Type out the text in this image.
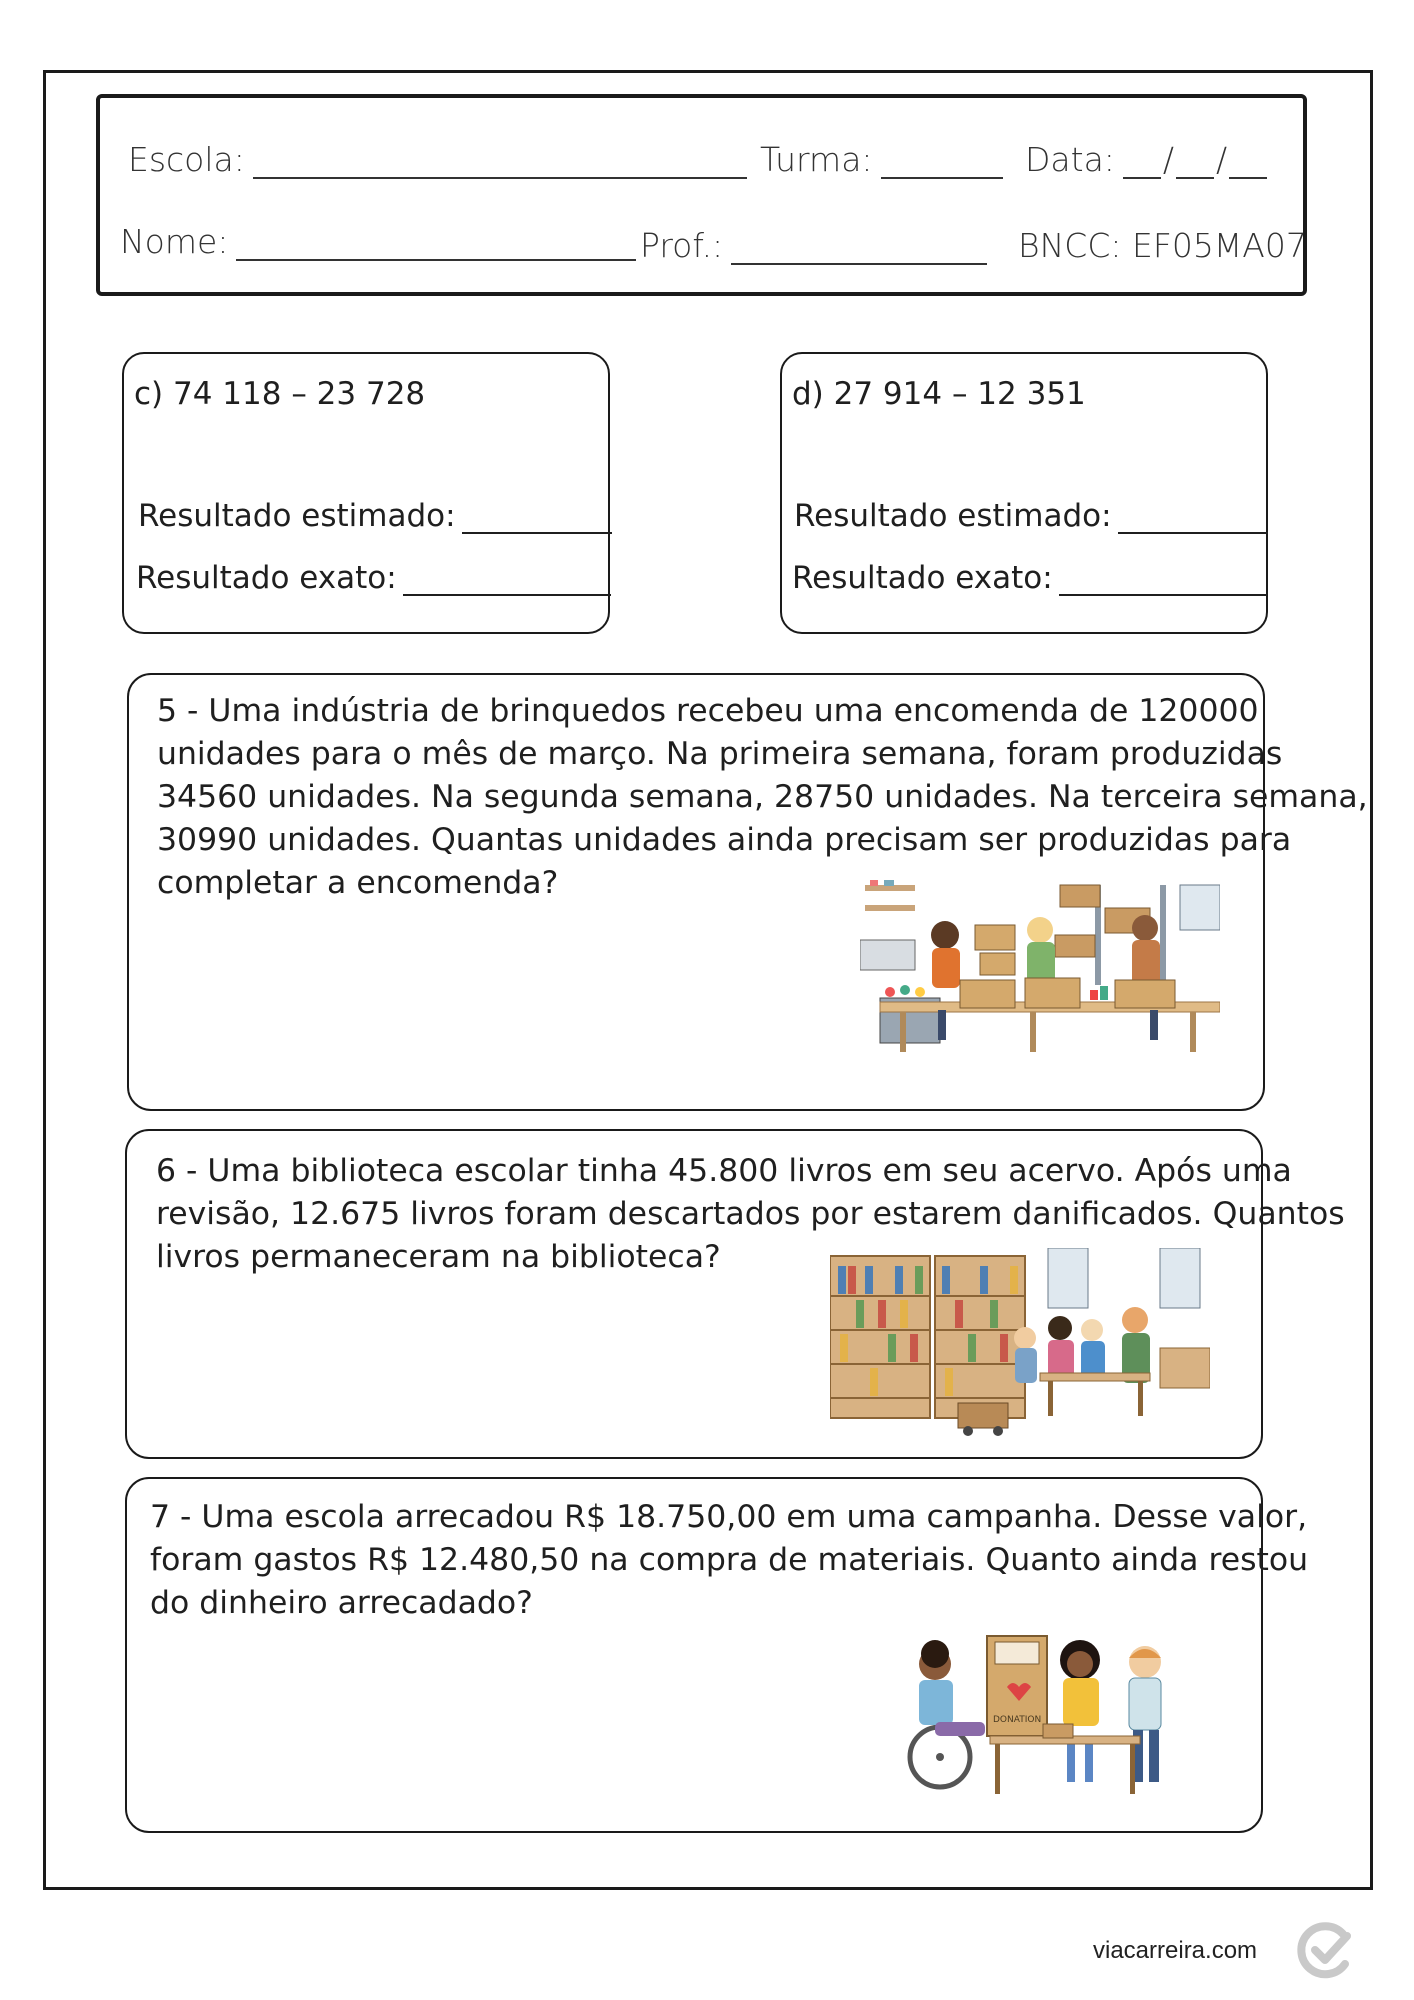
Escola:	Turma:	Data: / /
Nome:	Prof.:	BNCC: EF05MA07
c) 74 118 – 23 728
Resultado estimado:
Resultado exato:
d) 27 914 – 12 351
Resultado estimado:
Resultado exato:
5 - Uma indústria de brinquedos recebeu uma encomenda de 120000
unidades para o mês de março. Na primeira semana, foram produzidas
34560 unidades. Na segunda semana, 28750 unidades. Na terceira semana,
30990 unidades. Quantas unidades ainda precisam ser produzidas para
completar a encomenda?
6 - Uma biblioteca escolar tinha 45.800 livros em seu acervo. Após uma
revisão, 12.675 livros foram descartados por estarem danificados. Quantos
livros permaneceram na biblioteca?
7 - Uma escola arrecadou R$ 18.750,00 em uma campanha. Desse valor,
foram gastos R$ 12.480,50 na compra de materiais. Quanto ainda restou
do dinheiro arrecadado?
DONATION
viacarreira.com
